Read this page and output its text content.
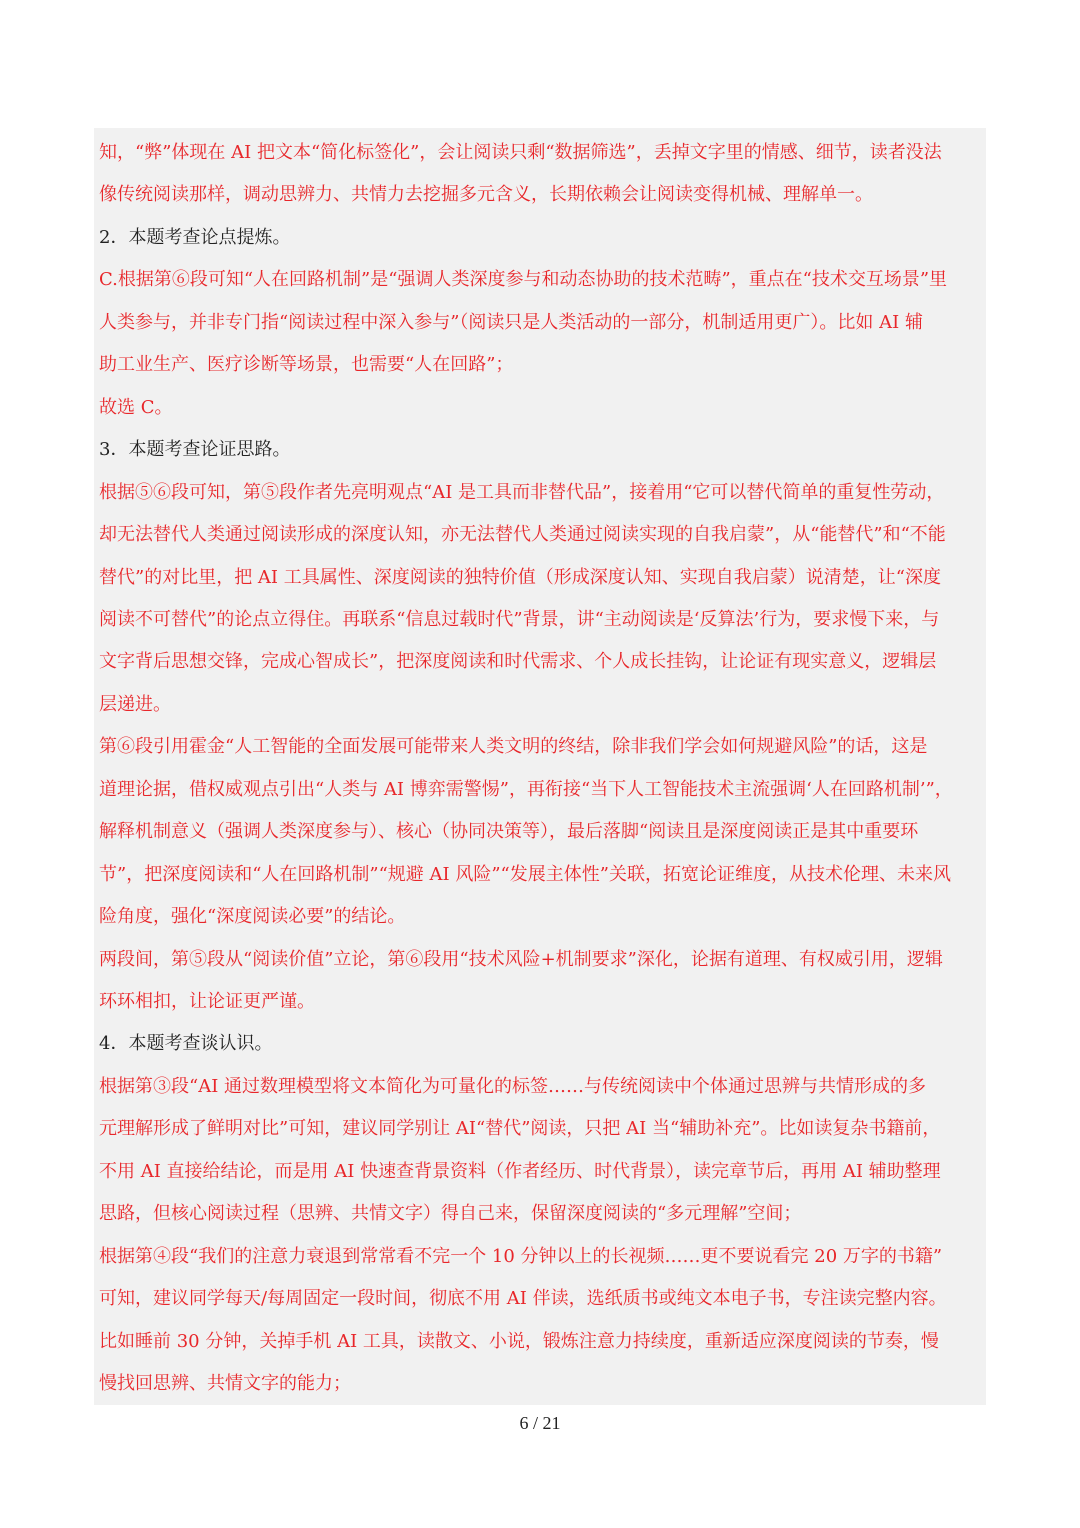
知，“弊”体现在 AI 把文本“简化标签化”，会让阅读只剩“数据筛选”，丢掉文字里的情感、细节，读者没法
像传统阅读那样，调动思辨力、共情力去挖掘多元含义，长期依赖会让阅读变得机械、理解单一。
2．本题考查论点提炼。
C.根据第⑥段可知“人在回路机制”是“强调人类深度参与和动态协助的技术范畴”，重点在“技术交互场景”里
人类参与，并非专门指“阅读过程中深入参与”（阅读只是人类活动的一部分，机制适用更广）。比如 AI 辅
助工业生产、医疗诊断等场景，也需要“人在回路”；
故选 C。
3．本题考查论证思路。
根据⑤⑥段可知，第⑤段作者先亮明观点“AI 是工具而非替代品”，接着用“它可以替代简单的重复性劳动，
却无法替代人类通过阅读形成的深度认知，亦无法替代人类通过阅读实现的自我启蒙”，从“能替代”和“不能
替代”的对比里，把 AI 工具属性、深度阅读的独特价值（形成深度认知、实现自我启蒙）说清楚，让“深度
阅读不可替代”的论点立得住。再联系“信息过载时代”背景，讲“主动阅读是‘反算法’行为，要求慢下来，与
文字背后思想交锋，完成心智成长”，把深度阅读和时代需求、个人成长挂钩，让论证有现实意义，逻辑层
层递进。
第⑥段引用霍金“人工智能的全面发展可能带来人类文明的终结，除非我们学会如何规避风险”的话，这是
道理论据，借权威观点引出“人类与 AI 博弈需警惕”，再衔接“当下人工智能技术主流强调‘人在回路机制’”，
解释机制意义（强调人类深度参与）、核心（协同决策等），最后落脚“阅读且是深度阅读正是其中重要环
节”，把深度阅读和“人在回路机制”“规避 AI 风险”“发展主体性”关联，拓宽论证维度，从技术伦理、未来风
险角度，强化“深度阅读必要”的结论。
两段间，第⑤段从“阅读价值”立论，第⑥段用“技术风险+机制要求”深化，论据有道理、有权威引用，逻辑
环环相扣，让论证更严谨。
4．本题考查谈认识。
根据第③段“AI 通过数理模型将文本简化为可量化的标签……与传统阅读中个体通过思辨与共情形成的多
元理解形成了鲜明对比”可知，建议同学别让 AI“替代”阅读，只把 AI 当“辅助补充”。比如读复杂书籍前，
不用 AI 直接给结论，而是用 AI 快速查背景资料（作者经历、时代背景），读完章节后，再用 AI 辅助整理
思路，但核心阅读过程（思辨、共情文字）得自己来，保留深度阅读的“多元理解”空间；
根据第④段“我们的注意力衰退到常常看不完一个 10 分钟以上的长视频……更不要说看完 20 万字的书籍”
可知，建议同学每天/每周固定一段时间，彻底不用 AI 伴读，选纸质书或纯文本电子书，专注读完整内容。
比如睡前 30 分钟，关掉手机 AI 工具，读散文、小说，锻炼注意力持续度，重新适应深度阅读的节奏，慢
慢找回思辨、共情文字的能力；
6 / 21
